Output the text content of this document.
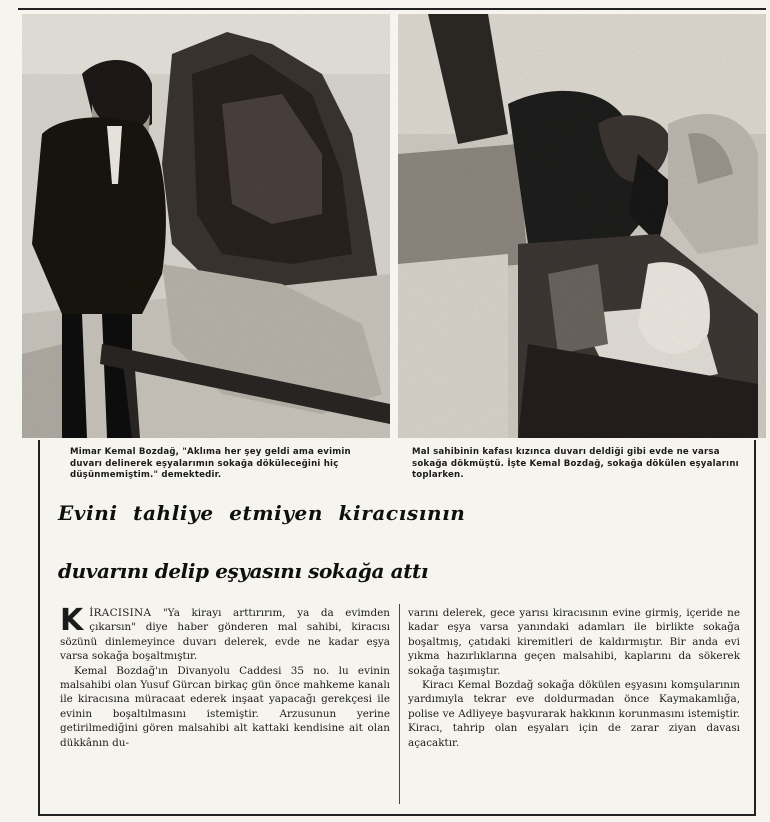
Mimar Kemal Bozdağ, "Aklıma her şey geldi ama evimin duvarı delinerek eşyalarımın sokağa döküleceğini hiç düşünmemiştim." demektedir.
Mal sahibinin kafası kızınca duvarı deldiği gibi evde ne varsa sokağa dökmüştü. İşte Kemal Bozdağ, sokağa dökülen eşyalarını toplarken.
Evini tahliye etmiyen kiracısının
duvarını delip eşyasını sokağa attı

KİRACISINA "Ya kirayı arttırırım, ya da evimden çıkarsın" diye haber gönderen mal sahibi, kiracısı sözünü dinlemeyince duvarı delerek, evde ne kadar eşya varsa sokağa boşaltmıştır.

Kemal Bozdağ'ın Divanyolu Caddesi 35 no. lu evinin malsahibi olan Yusuf Gürcan birkaç gün önce mahkeme kanalı ile kiracısına müracaat ederek inşaat yapacağı gerekçesi ile evinin boşaltılmasını istemiştir. Arzusunun yerine getirilmediğini gören malsahibi alt kattaki kendisine ait olan dükkânın du-

varını delerek, gece yarısı kiracısının evine girmiş, içeride ne kadar eşya varsa yanındaki adamları ile birlikte sokağa boşaltmış, çatıdaki kiremitleri de kaldırmıştır. Bir anda evi yıkma hazırlıklarına geçen malsahibi, kaplarını da sökerek sokağa taşımıştır.

Kiracı Kemal Bozdağ sokağa dökülen eşyasını komşularının yardımıyla tekrar eve doldurmadan önce Kaymakamlığa, polise ve Adliyeye başvurarak hakkının korunmasını istemiştir. Kiracı, tahrip olan eşyaları için de zarar ziyan davası açacaktır.
